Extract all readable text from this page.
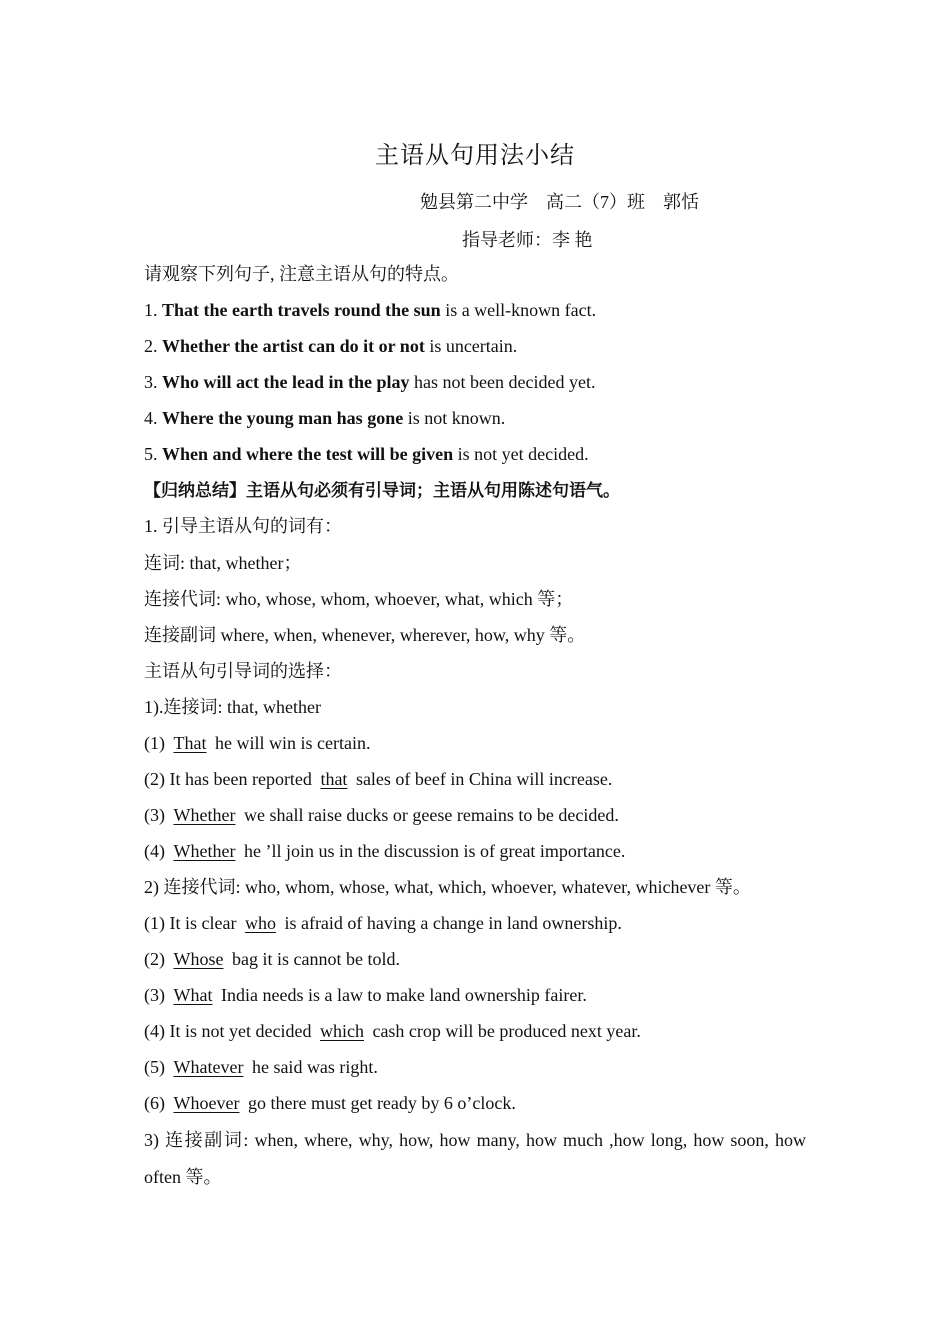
主语从句用法小结
勉县第二中学　高二（7）班　郭恬
指导老师：李 艳
请观察下列句子, 注意主语从句的特点。
1. That the earth travels round the sun is a well-known fact.
2. Whether the artist can do it or not is uncertain.
3. Who will act the lead in the play has not been decided yet.
4. Where the young man has gone is not known.
5. When and where the test will be given is not yet decided.
【归纳总结】主语从句必须有引导词；主语从句用陈述句语气。
1. 引导主语从句的词有：
连词: that, whether；
连接代词: who, whose, whom, whoever, what, which 等；
连接副词 where, when, whenever, wherever, how, why 等。
主语从句引导词的选择：
1).连接词: that, whether
(1) That he will win is certain.
(2) It has been reported that sales of beef in China will increase.
(3) Whether we shall raise ducks or geese remains to be decided.
(4) Whether he ’ll join us in the discussion is of great importance.
2) 连接代词: who, whom, whose, what, which, whoever, whatever, whichever 等。
(1) It is clear who is afraid of having a change in land ownership.
(2) Whose bag it is cannot be told.
(3) What India needs is a law to make land ownership fairer.
(4) It is not yet decided which cash crop will be produced next year.
(5) Whatever he said was right.
(6) Whoever go there must get ready by 6 o’clock.
3) 连接副词: when, where, why, how, how many, how much ,how long, how soon, how often 等。
